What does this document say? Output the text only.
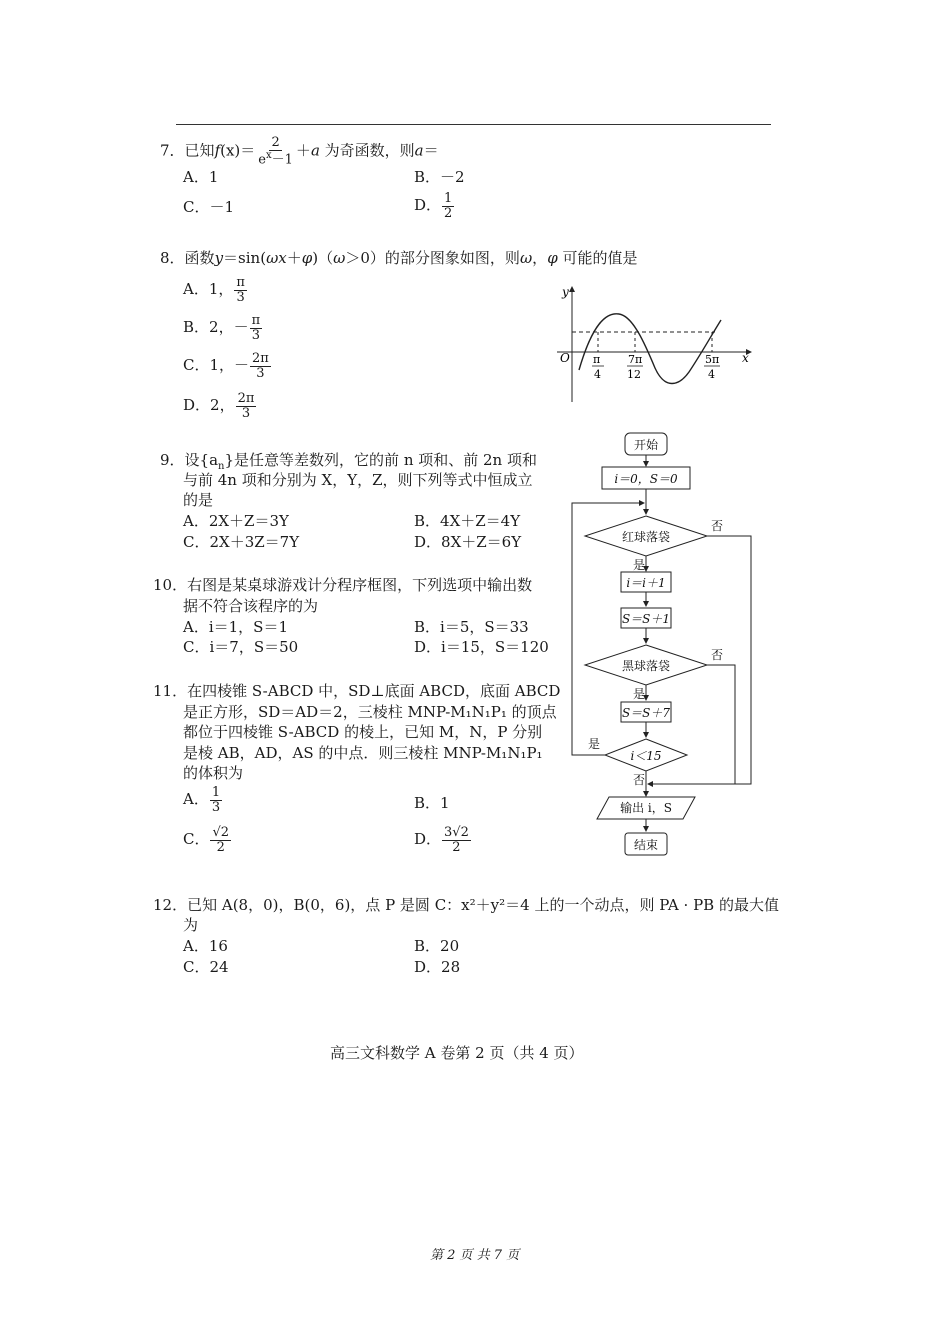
7．已知$f(x)= \frac{2}{e^x-1} +a$ 为奇函数，则a＝
A．1	B．－2
C．－1	D． $\frac{1}{2}$
8．函数y＝sin(ωx＋φ)（ω＞0）的部分图象如图，则ω，φ 可能的值是
A．1， $\frac{\pi}{3}$
B．2，－ $\frac{\pi}{3}$
C．1，－ $\frac{2\pi}{3}$
D．2， $\frac{2\pi}{3}$
y
x
O π
4
7π
12
5π
4
9．设$\{a_n\}$是任意等差数列，它的前 n 项和、前 2n 项和
与前 4n 项和分别为 X，Y，Z，则下列等式中恒成立
的是
A．2X＋Z＝3Y	B．4X＋Z＝4Y
C．2X＋3Z＝7Y	D．8X＋Z＝6Y
10．右图是某桌球游戏计分程序框图，下列选项中输出数
据不符合该程序的为
A．i＝1，S＝1	B．i＝5，S＝33
C．i＝7，S＝50	D．i＝15，S＝120
11．在四棱锥 S-ABCD 中，SD⊥底面 ABCD，底面 ABCD
是正方形，SD＝AD＝2，三棱柱 MNP-M₁N₁P₁ 的顶点
都位于四棱锥 S-ABCD 的棱上，已知 M，N，P 分别
是棱 AB，AD，AS 的中点．则三棱柱 MNP-M₁N₁P₁
的体积为
A． $\frac{1}{3}$	B．1
C． $\frac{√2}{2}$	D． $\frac{3√2}{2}$
开始
i＝0，S＝0
红球落袋
i＝i＋1
S＝S＋1
黑球落袋
S＝S＋7
i＜15
输出 i，S
结束
否
是
否
是
是
否
12．已知 A(8，0)，B(0，6)，点 P 是圆 C：x²＋y²＝4 上的一个动点，则 PA · PB 的最大值
为
A．16	B．20
C．24	D．28
高三文科数学 A 卷第 2 页（共 4 页）
第 2 页 共 7 页
